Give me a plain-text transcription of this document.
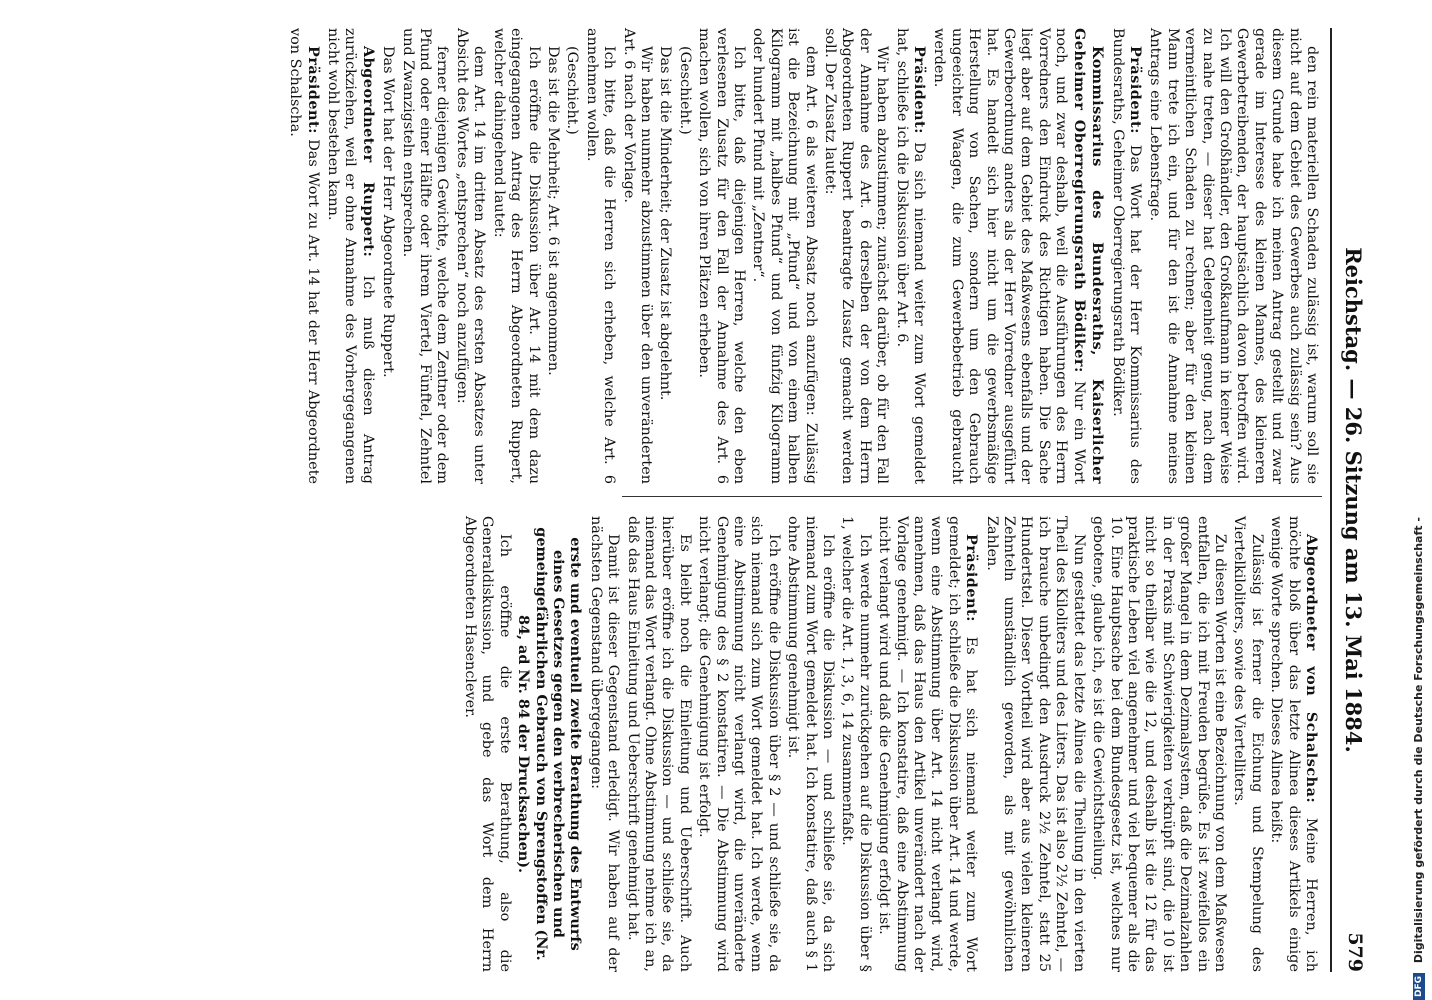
Reichstag. — 26. Sitzung am 13. Mai 1884.
579

den rein materiellen Schaden zulässig ist, warum soll sie nicht auf dem Gebiet des Gewerbes auch zulässig sein? Aus diesem Grunde habe ich meinen Antrag gestellt und zwar gerade im Interesse des kleinen Mannes, des kleineren Gewerbetreibenden, der hauptsächlich davon betroffen wird. Ich will den Großhändler, den Großkaufmann in keiner Weise zu nahe treten, — dieser hat Gelegenheit genug, nach dem vermeintlichen Schaden zu rechnen; aber für den kleinen Mann trete ich ein, und für den ist die Annahme meines Antrags eine Lebensfrage.

Präsident: Das Wort hat der Herr Kommissarius des Bundesraths, Geheimer Oberregierungsrath Bödiker.

Kommissarius des Bundesraths, Kaiserlicher Geheimer Oberregierungsrath Bödiker: Nur ein Wort noch, und zwar deshalb, weil die Ausführungen des Herrn Vorredners den Eindruck des Richtigen haben. Die Sache liegt aber auf dem Gebiet des Maßwesens ebenfalls und der Gewerbeordnung anders als der Herr Vorredner ausgeführt hat. Es handelt sich hier nicht um die gewerbsmäßige Herstellung von Sachen, sondern um den Gebrauch ungeeichter Waagen, die zum Gewerbebetrieb gebraucht werden.

Präsident: Da sich niemand weiter zum Wort gemeldet hat, schließe ich die Diskussion über Art. 6.

Wir haben abzustimmen; zunächst darüber, ob für den Fall der Annahme des Art. 6 derselben der von dem Herrn Abgeordneten Ruppert beantragte Zusatz gemacht werden soll. Der Zusatz lautet:

dem Art. 6 als weiteren Absatz noch anzufügen: Zulässig ist die Bezeichnung mit „Pfund“ und von einem halben Kilogramm mit „halbes Pfund“ und von fünfzig Kilogramm oder hundert Pfund mit „Zentner“.

Ich bitte, daß diejenigen Herren, welche den eben verlesenen Zusatz für den Fall der Annahme des Art. 6 machen wollen, sich von ihren Plätzen erheben.

(Geschieht.)

Das ist die Minderheit; der Zusatz ist abgelehnt.

Wir haben nunmehr abzustimmen über den unveränderten Art. 6 nach der Vorlage.

Ich bitte, daß die Herren sich erheben, welche Art. 6 annehmen wollen.

(Geschieht.)

Das ist die Mehrheit; Art. 6 ist angenommen.

Ich eröffne die Diskussion über Art. 14 mit dem dazu eingegangenen Antrag des Herrn Abgeordneten Ruppert, welcher dahingehend lautet:

dem Art. 14 im dritten Absatz des ersten Absatzes unter Absicht des Wortes „entsprechen“ noch anzufügen:

ferner diejenigen Gewichte, welche dem Zentner oder dem Pfund oder einer Hälfte oder ihrem Viertel, Fünftel, Zehntel und Zwanzigsteln entsprechen.

Das Wort hat der Herr Abgeordnete Ruppert.

Abgeordneter Ruppert: Ich muß diesen Antrag zurückziehen, weil er ohne Annahme des Vorhergegangenen nicht wohl bestehen kann.

Präsident: Das Wort zu Art. 14 hat der Herr Abgeordnete von Schalscha.

Abgeordneter von Schalscha: Meine Herren, ich möchte bloß über das letzte Alinea dieses Artikels einige wenige Worte sprechen. Dieses Alinea heißt:

Zulässig ist ferner die Eichung und Stempelung des Viertelkiloliters, sowie des Viertelliters.

Zu diesen Worten ist eine Bezeichnung von dem Maßwesen entfallen, die ich mit Freuden begrüße. Es ist zweifellos ein großer Mangel in dem Dezimalsystem, daß die Dezimalzahlen in der Praxis mit Schwierigkeiten verknüpft sind, die 10 ist nicht so theilbar wie die 12, und deshalb ist die 12 für das praktische Leben viel angenehmer und viel bequemer als die 10. Eine Hauptsache bei dem Bundesgesetz ist, welches nur gebotene, glaube ich, es ist die Gewichtstheilung.

Nun gestattet das letzte Alinea die Theilung in den vierten Theil des Kiloliters und des Liters. Das ist also 2½ Zehntel, — ich brauche unbedingt den Ausdruck 2½ Zehntel, statt 25 Hundertstel. Dieser Vortheil wird aber aus vielen kleineren Zehnteln umständlich geworden, als mit gewöhnlichen Zahlen.

Präsident: Es hat sich niemand weiter zum Wort gemeldet; ich schließe die Diskussion über Art. 14 und werde, wenn eine Abstimmung über Art. 14 nicht verlangt wird, annehmen, daß das Haus den Artikel unverändert nach der Vorlage genehmigt. — Ich konstatire, daß eine Abstimmung nicht verlangt wird und daß die Genehmigung erfolgt ist.

Ich werde nunmehr zurückgehen auf die Diskussion über § 1, welcher die Art. 1, 3, 6, 14 zusammenfaßt.

Ich eröffne die Diskussion — und schließe sie, da sich niemand zum Wort gemeldet hat. Ich konstatire, daß auch § 1 ohne Abstimmung genehmigt ist.

Ich eröffne die Diskussion über § 2 — und schließe sie, da sich niemand sich zum Wort gemeldet hat. Ich werde, wenn eine Abstimmung nicht verlangt wird, die unveränderte Genehmigung des § 2 konstatiren. — Die Abstimmung wird nicht verlangt; die Genehmigung ist erfolgt.

Es bleibt noch die Einleitung und Ueberschrift. Auch hierüber eröffne ich die Diskussion — und schließe sie, da niemand das Wort verlangt. Ohne Abstimmung nehme ich an, daß das Haus Einleitung und Ueberschrift genehmigt hat.

Damit ist dieser Gegenstand erledigt. Wir haben auf der nächsten Gegenstand übergegangen:

erste und eventuell zweite Berathung des Entwurfs eines Gesetzes gegen den verbrecherischen und gemeingefährlichen Gebrauch von Sprengstoffen (Nr. 84, ad Nr. 84 der Drucksachen).

Ich eröffne die erste Berathung, also die Generaldiskussion, und gebe das Wort dem Herrn Abgeordneten Hasenclever.

DFG Digitalisierung gefördert durch die Deutsche Forschungsgemeinschaft -
